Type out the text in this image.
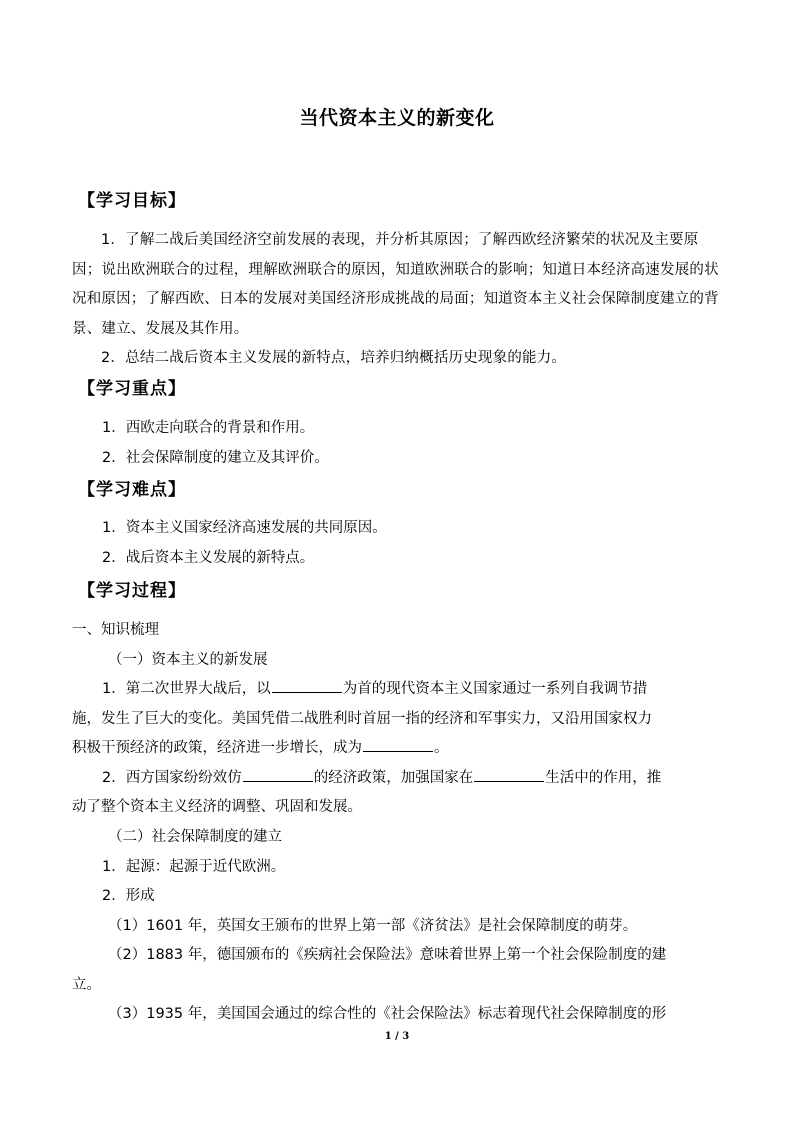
当代资本主义的新变化
【学习目标】

1．了解二战后美国经济空前发展的表现，并分析其原因；了解西欧经济繁荣的状况及主要原因；说出欧洲联合的过程，理解欧洲联合的原因，知道欧洲联合的影响；知道日本经济高速发展的状况和原因；了解西欧、日本的发展对美国经济形成挑战的局面；知道资本主义社会保障制度建立的背景、建立、发展及其作用。

2．总结二战后资本主义发展的新特点，培养归纳概括历史现象的能力。

【学习重点】
1．西欧走向联合的背景和作用。
2．社会保障制度的建立及其评价。
【学习难点】
1．资本主义国家经济高速发展的共同原因。
2．战后资本主义发展的新特点。
【学习过程】
一、知识梳理
（一）资本主义的新发展
1．第二次世界大战后，以	为首的现代资本主义国家通过一系列自我调节措
施，发生了巨大的变化。美国凭借二战胜利时首屈一指的经济和军事实力，又沿用国家权力
积极干预经济的政策，经济进一步增长，成为	。
2．西方国家纷纷效仿	的经济政策，加强国家在	生活中的作用，推
动了整个资本主义经济的调整、巩固和发展。
（二）社会保障制度的建立
1．起源：起源于近代欧洲。
2．形成
（1）1601 年，英国女王颁布的世界上第一部《济贫法》是社会保障制度的萌芽。
（2）1883 年，德国颁布的《疾病社会保险法》意味着世界上第一个社会保险制度的建
立。
（3）1935 年，美国国会通过的综合性的《社会保险法》标志着现代社会保障制度的形
1 / 3
